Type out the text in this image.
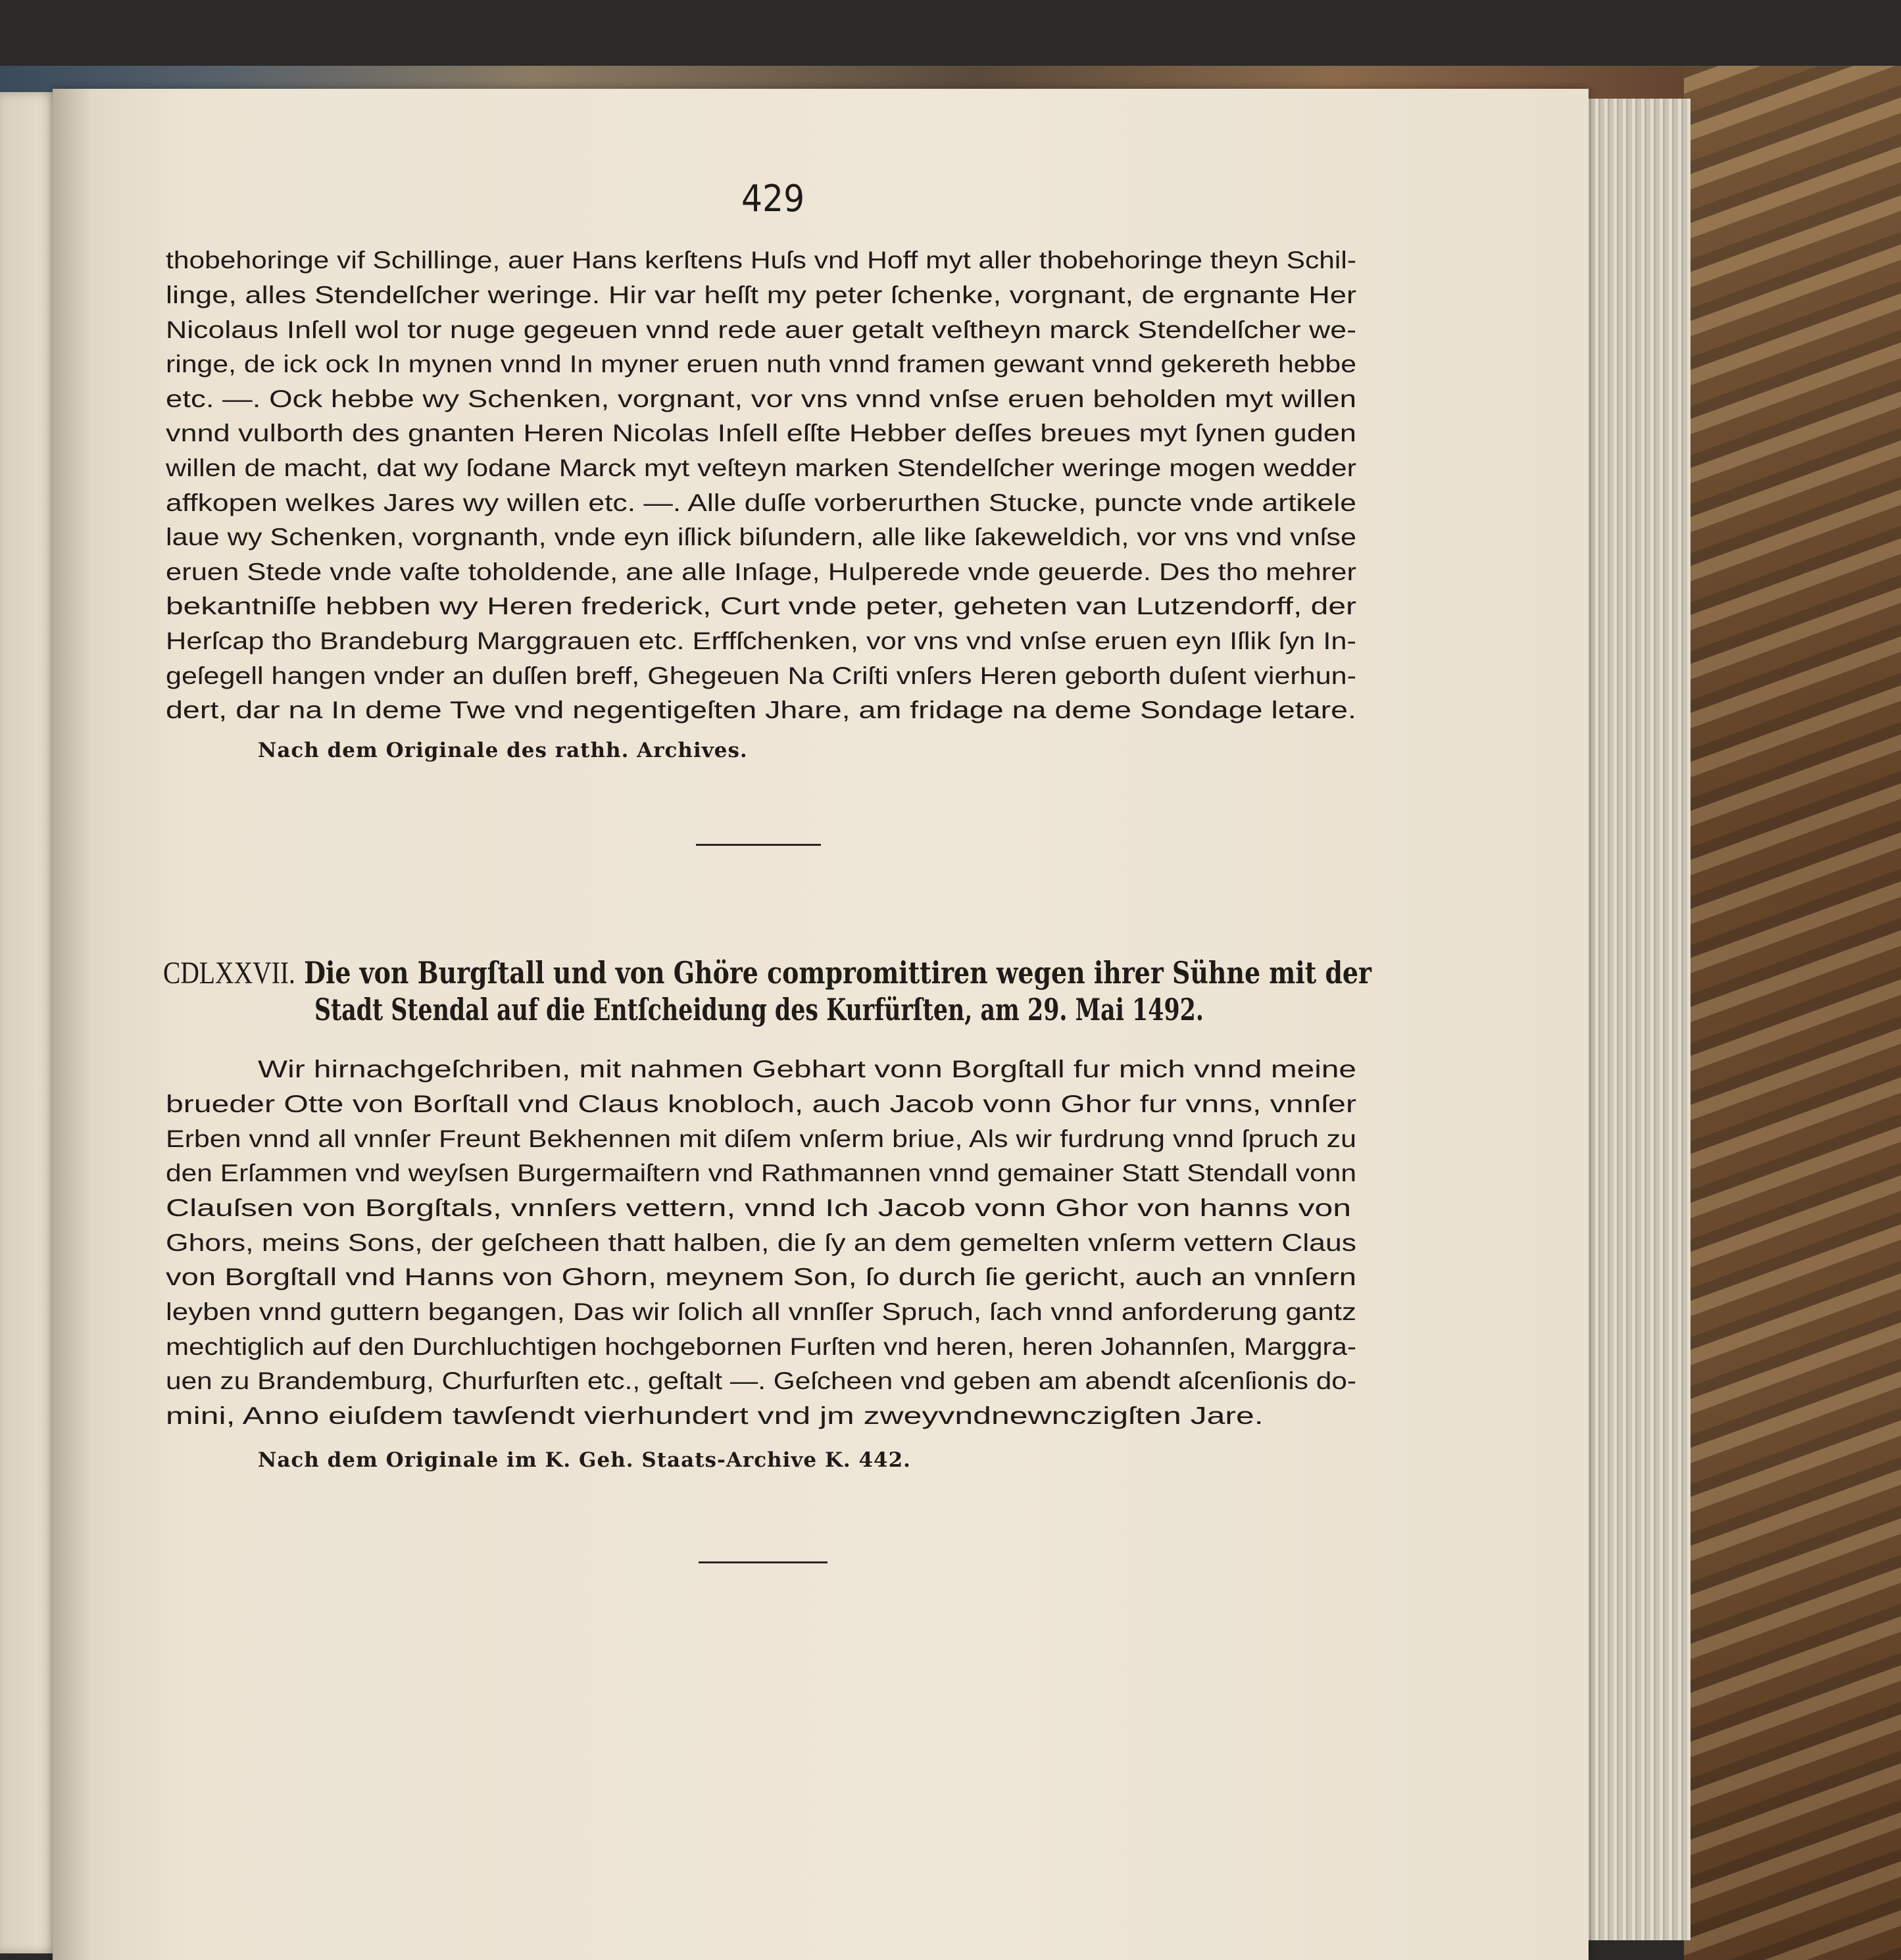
429
thobehoringe vif Schillinge, auer Hans kerſtens Huſs vnd Hoff myt aller thobehoringe theyn Schil-
linge, alles Stendelſcher weringe. Hir var heſſt my peter ſchenke, vorgnant, de ergnante Her
Nicolaus Inſell wol tor nuge gegeuen vnnd rede auer getalt veſtheyn marck Stendelſcher we-
ringe, de ick ock In mynen vnnd In myner eruen nuth vnnd framen gewant vnnd gekereth hebbe
etc. —. Ock hebbe wy Schenken, vorgnant, vor vns vnnd vnſse eruen beholden myt willen
vnnd vulborth des gnanten Heren Nicolas Inſell eſſte Hebber deſſes breues myt ſynen guden
willen de macht, dat wy ſodane Marck myt veſteyn marken Stendelſcher weringe mogen wedder
affkopen welkes Jares wy willen etc. —. Alle duſſe vorberurthen Stucke, puncte vnde artikele
laue wy Schenken, vorgnanth, vnde eyn iſlick biſundern, alle like ſakeweldich, vor vns vnd vnſse
eruen Stede vnde vaſte toholdende, ane alle Inſage, Hulperede vnde geuerde. Des tho mehrer
bekantniſſe hebben wy Heren frederick, Curt vnde peter, geheten van Lutzendorff, der
Herſcap tho Brandeburg Marggrauen etc. Erffſchenken, vor vns vnd vnſse eruen eyn Iſlik ſyn In-
geſegell hangen vnder an duſſen breff, Ghegeuen Na Criſti vnſers Heren geborth duſent vierhun-
dert, dar na In deme Twe vnd negentigeſten Jhare, am fridage na deme Sondage letare.
Nach dem Originale des rathh. Archives.
CDLXXVII. Die von Burgſtall und von Ghöre compromittiren wegen ihrer Sühne mit der
Stadt Stendal auf die Entſcheidung des Kurfürſten, am 29. Mai 1492.
Wir hirnachgeſchriben, mit nahmen Gebhart vonn Borgſtall fur mich vnnd meine
brueder Otte von Borſtall vnd Claus knobloch, auch Jacob vonn Ghor fur vnns, vnnſer
Erben vnnd all vnnſer Freunt Bekhennen mit diſem vnſerm briue, Als wir furdrung vnnd ſpruch zu
den Erſammen vnd weyſsen Burgermaiſtern vnd Rathmannen vnnd gemainer Statt Stendall vonn
Clauſsen von Borgſtals, vnnſers vettern, vnnd Ich Jacob vonn Ghor von hanns von
Ghors, meins Sons, der geſcheen thatt halben, die ſy an dem gemelten vnſerm vettern Claus
von Borgſtall vnd Hanns von Ghorn, meynem Son, ſo durch ſie gericht, auch an vnnſern
leyben vnnd guttern begangen, Das wir ſolich all vnnſſer Spruch, ſach vnnd anforderung gantz
mechtiglich auf den Durchluchtigen hochgebornen Furſten vnd heren, heren Johannſen, Marggra-
uen zu Brandemburg, Churfurſten etc., geſtalt —. Geſcheen vnd geben am abendt aſcenſionis do-
mini, Anno eiuſdem tawſendt vierhundert vnd jm zweyvndnewnczigſten Jare.
Nach dem Originale im K. Geh. Staats-Archive K. 442.
